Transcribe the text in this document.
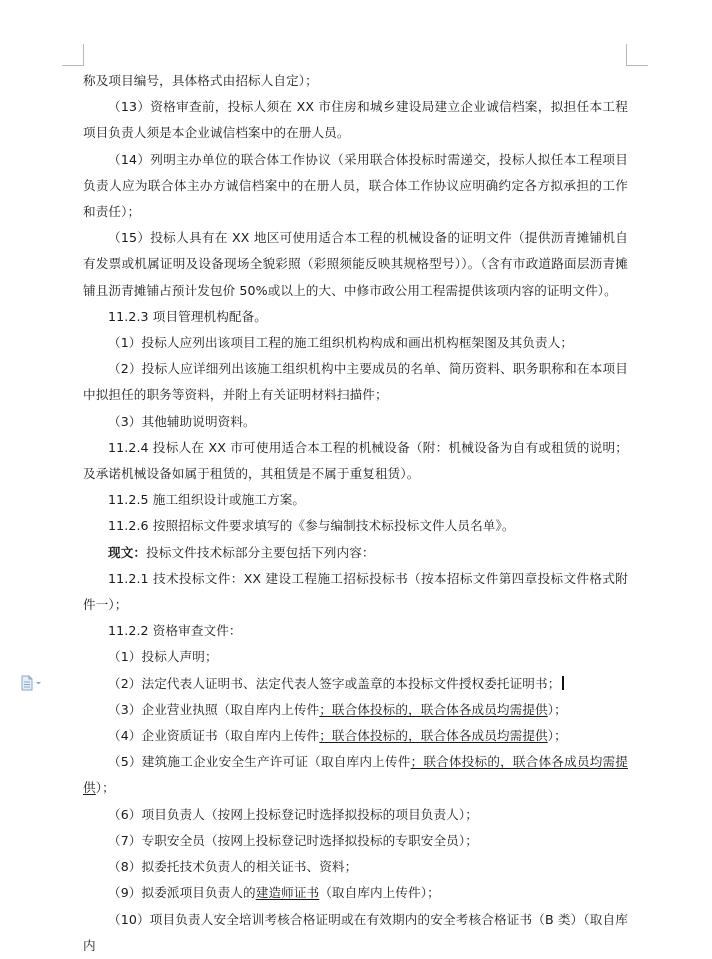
称及项目编号，具体格式由招标人自定）；

（13）资格审查前，投标人须在 XX 市住房和城乡建设局建立企业诚信档案，拟担任本工程项目负责人须是本企业诚信档案中的在册人员。

（14）列明主办单位的联合体工作协议（采用联合体投标时需递交，投标人拟任本工程项目负责人应为联合体主办方诚信档案中的在册人员，联合体工作协议应明确约定各方拟承担的工作和责任）；

（15）投标人具有在 XX 地区可使用适合本工程的机械设备的证明文件（提供沥青摊铺机自有发票或机属证明及设备现场全貌彩照（彩照须能反映其规格型号））。（含有市政道路面层沥青摊铺且沥青摊铺占预计发包价 50%或以上的大、中修市政公用工程需提供该项内容的证明文件）。

11.2.3 项目管理机构配备。

（1）投标人应列出该项目工程的施工组织机构构成和画出机构框架图及其负责人；

（2）投标人应详细列出该施工组织机构中主要成员的名单、简历资料、职务职称和在本项目中拟担任的职务等资料，并附上有关证明材料扫描件；

（3）其他辅助说明资料。

11.2.4 投标人在 XX 市可使用适合本工程的机械设备（附：机械设备为自有或租赁的说明；及承诺机械设备如属于租赁的，其租赁是不属于重复租赁）。

11.2.5 施工组织设计或施工方案。

11.2.6 按照招标文件要求填写的《参与编制技术标投标文件人员名单》。

现文：投标文件技术标部分主要包括下列内容：

11.2.1 技术投标文件：XX 建设工程施工招标投标书（按本招标文件第四章投标文件格式附件一）；

11.2.2 资格审查文件：

（1）投标人声明；

（2）法定代表人证明书、法定代表人签字或盖章的本投标文件授权委托证明书；

（3）企业营业执照（取自库内上传件；联合体投标的，联合体各成员均需提供）；

（4）企业资质证书（取自库内上传件；联合体投标的，联合体各成员均需提供）；

（5）建筑施工企业安全生产许可证（取自库内上传件；联合体投标的，联合体各成员均需提供）；

（6）项目负责人（按网上投标登记时选择拟投标的项目负责人）；

（7）专职安全员（按网上投标登记时选择拟投标的专职安全员）；

（8）拟委托技术负责人的相关证书、资料；

（9）拟委派项目负责人的建造师证书（取自库内上传件）；

（10）项目负责人安全培训考核合格证明或在有效期内的安全考核合格证书（B 类）（取自库内
